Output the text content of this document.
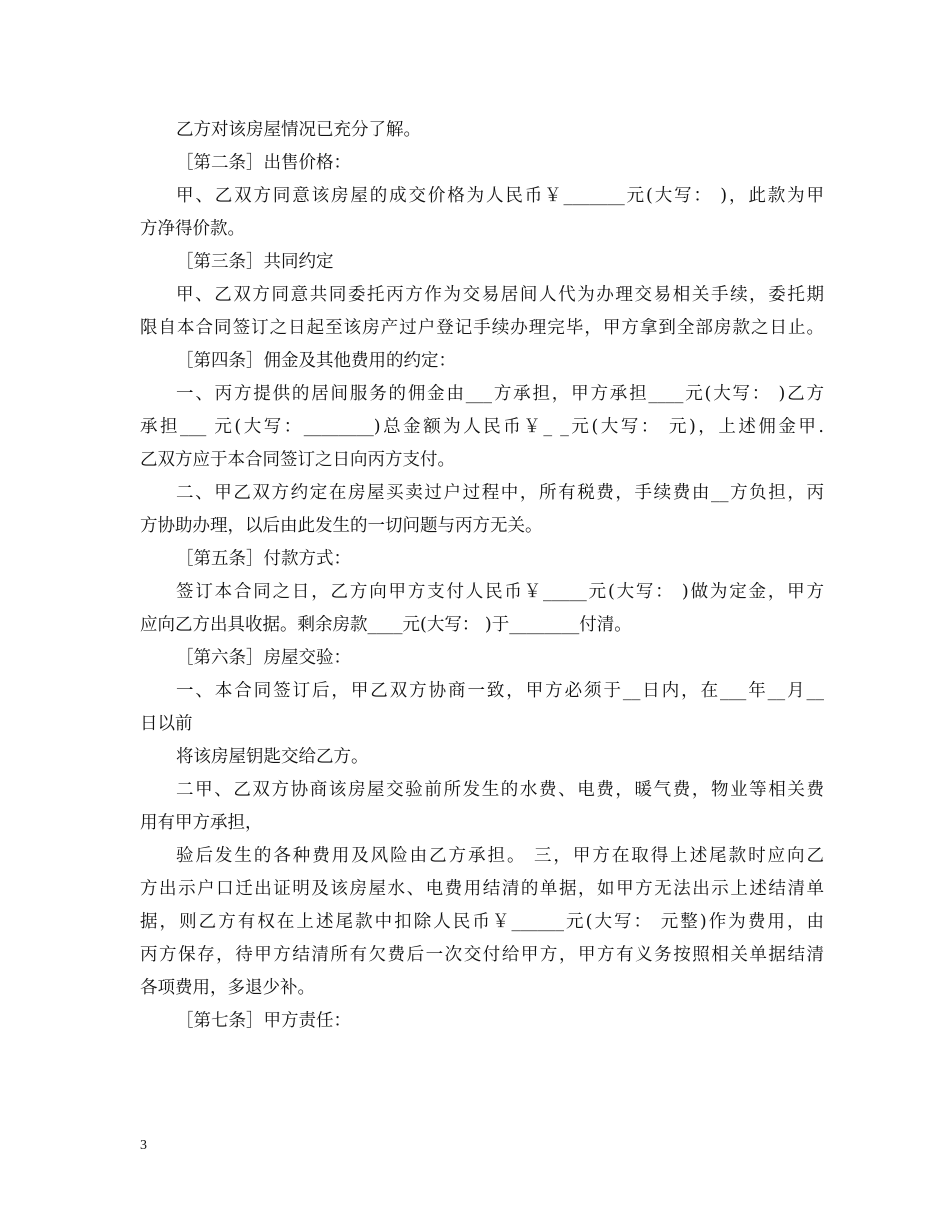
乙方对该房屋情况已充分了解。
［第二条］出售价格：
甲、乙双方同意该房屋的成交价格为人民币￥_______元(大写： )，此款为甲
方净得价款。
［第三条］共同约定
甲、乙双方同意共同委托丙方作为交易居间人代为办理交易相关手续，委托期
限自本合同签订之日起至该房产过户登记手续办理完毕，甲方拿到全部房款之日止。
［第四条］佣金及其他费用的约定：
一、丙方提供的居间服务的佣金由___方承担，甲方承担____元(大写： )乙方
承担___ 元(大写：________)总金额为人民币￥_ _元(大写： 元)，上述佣金甲.
乙双方应于本合同签订之日向丙方支付。
二、甲乙双方约定在房屋买卖过户过程中，所有税费，手续费由__方负担，丙
方协助办理，以后由此发生的一切问题与丙方无关。
［第五条］付款方式：
签订本合同之日，乙方向甲方支付人民币￥_____元(大写： )做为定金，甲方
应向乙方出具收据。剩余房款____元(大写： )于________付清。
［第六条］房屋交验：
一、本合同签订后，甲乙双方协商一致，甲方必须于__日内，在___年__月__
日以前
将该房屋钥匙交给乙方。
二甲、乙双方协商该房屋交验前所发生的水费、电费，暖气费，物业等相关费
用有甲方承担，
验后发生的各种费用及风险由乙方承担。 三，甲方在取得上述尾款时应向乙
方出示户口迁出证明及该房屋水、电费用结清的单据，如甲方无法出示上述结清单
据，则乙方有权在上述尾款中扣除人民币￥______元(大写： 元整)作为费用，由
丙方保存，待甲方结清所有欠费后一次交付给甲方，甲方有义务按照相关单据结清
各项费用，多退少补。
［第七条］甲方责任：
3
